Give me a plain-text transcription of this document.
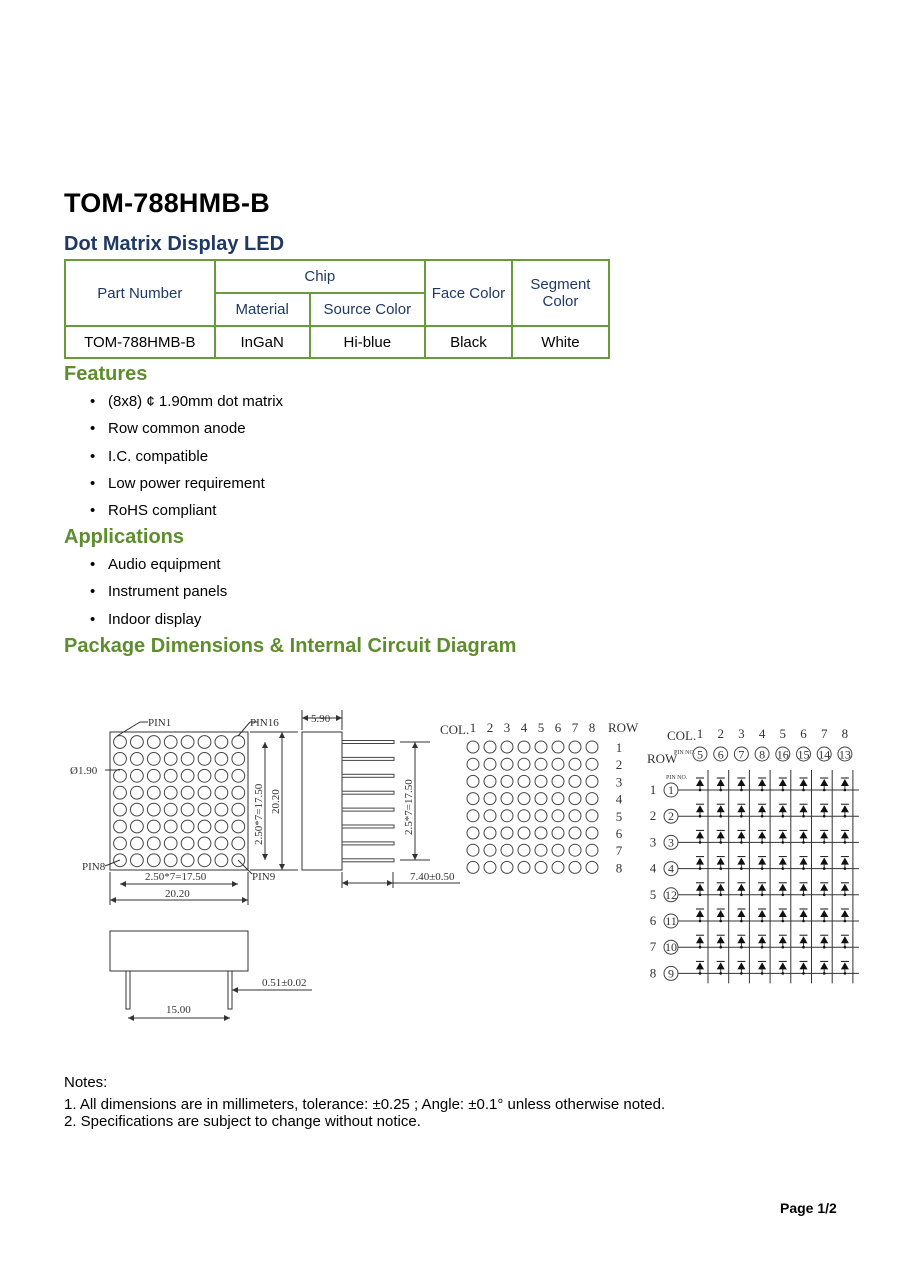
TOM-788HMB-B
Dot Matrix Display LED
Part Number	Chip		Face Color	Segment Color
	Material	Source Color		
TOM-788HMB-B	InGaN	Hi-blue	Black	White
Features
• (8x8) ¢ 1.90mm dot matrix
• Row common anode
• I.C. compatible
• Low power requirement
• RoHS compliant
Applications
• Audio equipment
• Instrument panels
• Indoor display
Package Dimensions & Internal Circuit Diagram
PIN1	PIN16
PIN8
PIN9
Ø1.90
2.50*7=17.50
20.20
2.50*7=17.50 20.20
5.90
2.5*7=17.50
7.40±0.50
0.51±0.02
15.00
COL.	ROW
1 2 3 4 5 6 7 8
1
2
3
4
5
6
7
8
COL.
ROW
PIN NO.
PIN NO.
1
5
2
6
3
7
4
8
5
16
6
15
7
14
8
13
1 1
2 2
3 3
4 4
5 12
6 11
7 10
8 9
Notes:
1. All dimensions are in millimeters, tolerance: ±0.25 ; Angle: ±0.1° unless otherwise noted.
2. Specifications are subject to change without notice.
Page 1/2
